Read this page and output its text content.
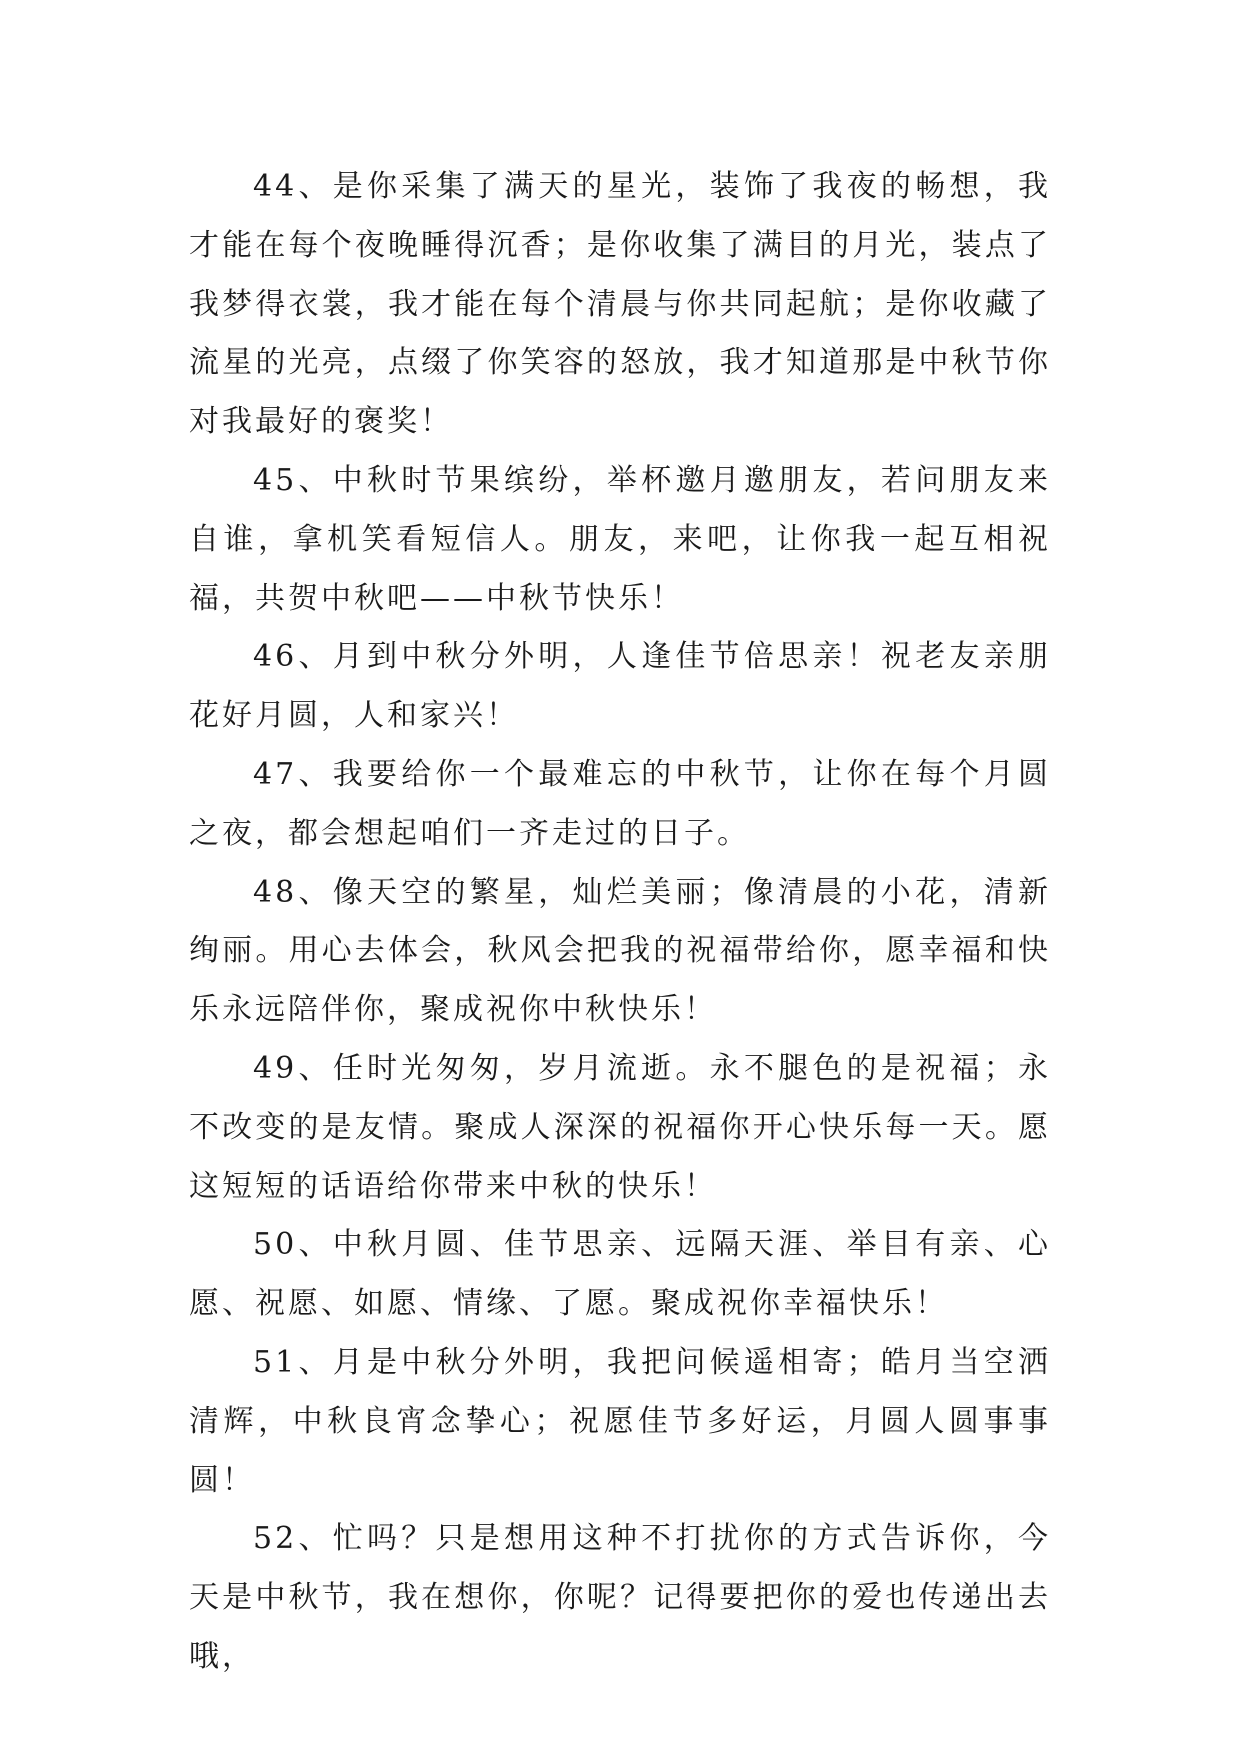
44、是你采集了满天的星光，装饰了我夜的畅想，我才能在每个夜晚睡得沉香；是你收集了满目的月光，装点了我梦得衣裳，我才能在每个清晨与你共同起航；是你收藏了流星的光亮，点缀了你笑容的怒放，我才知道那是中秋节你对我最好的褒奖！

45、中秋时节果缤纷，举杯邀月邀朋友，若问朋友来自谁，拿机笑看短信人。朋友，来吧，让你我一起互相祝福，共贺中秋吧——中秋节快乐！

46、月到中秋分外明，人逢佳节倍思亲！祝老友亲朋花好月圆，人和家兴！

47、我要给你一个最难忘的中秋节，让你在每个月圆之夜，都会想起咱们一齐走过的日子。

48、像天空的繁星，灿烂美丽；像清晨的小花，清新绚丽。用心去体会，秋风会把我的祝福带给你，愿幸福和快乐永远陪伴你，聚成祝你中秋快乐！

49、任时光匆匆，岁月流逝。永不腿色的是祝福；永不改变的是友情。聚成人深深的祝福你开心快乐每一天。愿这短短的话语给你带来中秋的快乐！

50、中秋月圆、佳节思亲、远隔天涯、举目有亲、心愿、祝愿、如愿、情缘、了愿。聚成祝你幸福快乐！

51、月是中秋分外明，我把问候遥相寄；皓月当空洒清辉，中秋良宵念挚心；祝愿佳节多好运，月圆人圆事事圆！

52、忙吗？只是想用这种不打扰你的方式告诉你，今天是中秋节，我在想你，你呢？记得要把你的爱也传递出去哦，
